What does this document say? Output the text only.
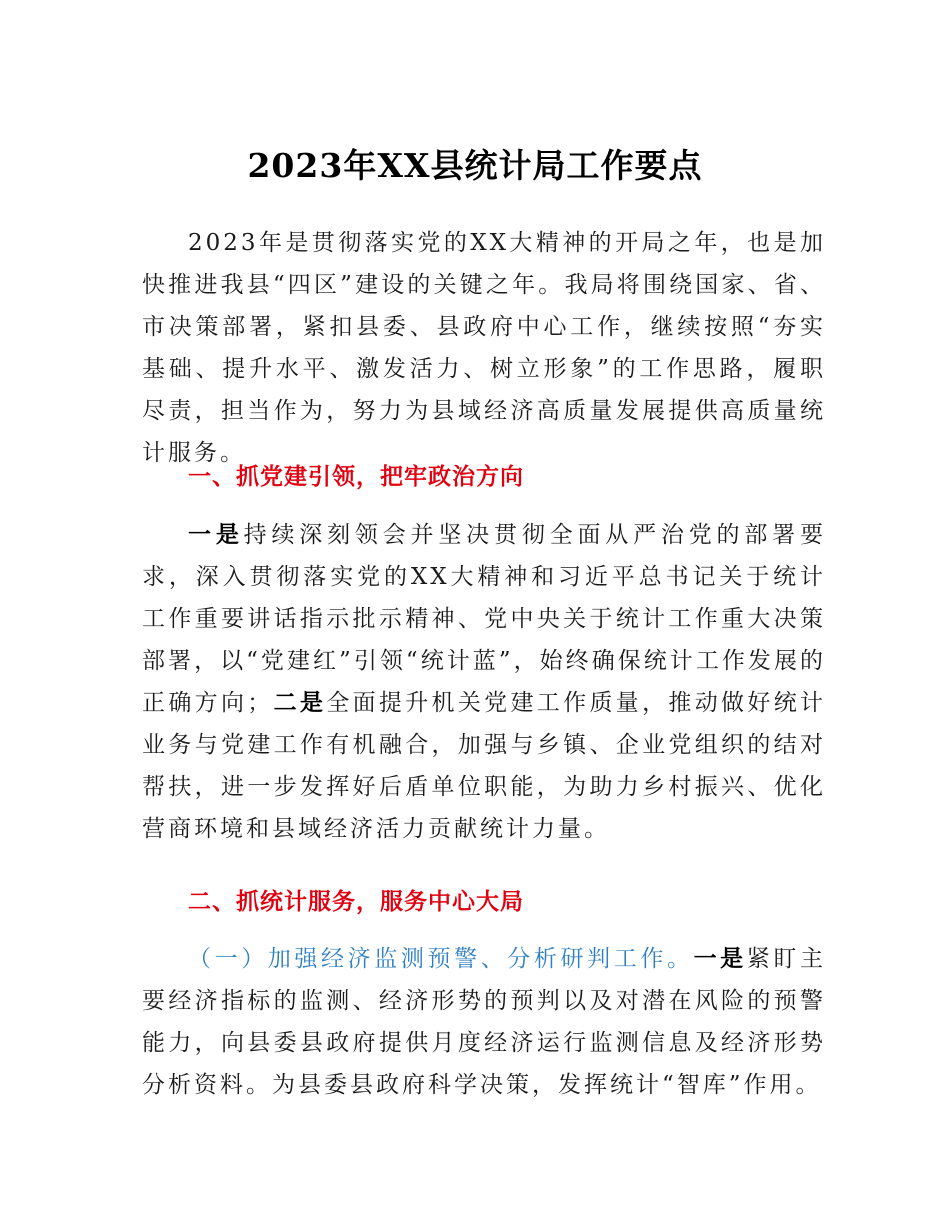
2023年XX县统计局工作要点

2023年是贯彻落实党的XX大精神的开局之年，也是加快推进我县“四区”建设的关键之年。我局将围绕国家、省、市决策部署，紧扣县委、县政府中心工作，继续按照“夯实基础、提升水平、激发活力、树立形象”的工作思路，履职尽责，担当作为，努力为县域经济高质量发展提供高质量统计服务。

一、抓党建引领，把牢政治方向

一是持续深刻领会并坚决贯彻全面从严治党的部署要求，深入贯彻落实党的XX大精神和习近平总书记关于统计工作重要讲话指示批示精神、党中央关于统计工作重大决策部署，以“党建红”引领“统计蓝”，始终确保统计工作发展的正确方向；二是全面提升机关党建工作质量，推动做好统计业务与党建工作有机融合，加强与乡镇、企业党组织的结对帮扶，进一步发挥好后盾单位职能，为助力乡村振兴、优化营商环境和县域经济活力贡献统计力量。

二、抓统计服务，服务中心大局

（一）加强经济监测预警、分析研判工作。一是紧盯主要经济指标的监测、经济形势的预判以及对潜在风险的预警能力，向县委县政府提供月度经济运行监测信息及经济形势分析资料。为县委县政府科学决策，发挥统计“智库”作用。
